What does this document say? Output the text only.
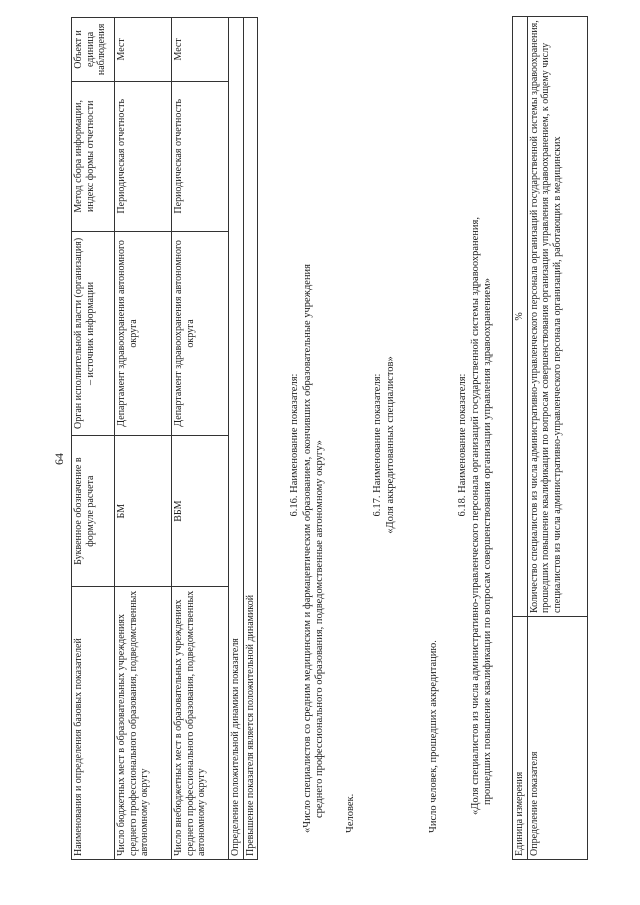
64
Наименования и определения базовых показателей	Буквенное обозначение в формуле расчета	Орган исполнительной власти (организация) – источник информации	Метод сбора информации, индекс формы отчетности	Объект и единица наблюдения
Число бюджетных мест в образовательных учреждениях среднего профессионального образования, подведомственных автономному округу	БМ	Департамент здравоохранения автономного округа	Периодическая отчетность	Мест
Число внебюджетных мест в образовательных учреждениях среднего профессионального образования, подведомственных автономному округу	ВБМ	Департамент здравоохранения автономного округа	Периодическая отчетность	Мест
Определение положительной динамики показателя				
Превышение показателя является положительной динамикой				
6.16. Наименование показателя: «Число специалистов со средним медицинским и фармацевтическим образованием, окончивших образовательные учреждения среднего профессионального образования, подведомственные автономному округу» Человек.
6.17. Наименование показателя: «Доля аккредитованных специалистов»
Число человек, прошедших аккредитацию.
6.18. Наименование показателя: «Доля специалистов из числа административно-управленческого персонала организаций государственной системы здравоохранения, прошедших повышение квалификации по вопросам совершенствования организации управления здравоохранением»
Единица измерения	%
Определение показателя	Количество специалистов из числа административно-управленческого персонала организаций государственной системы здравоохранения, прошедших повышение квалификации по вопросам совершенствования организации управления здравоохранением, к общему числу специалистов из числа административно-управленческого персонала организаций, работающих в медицинских
